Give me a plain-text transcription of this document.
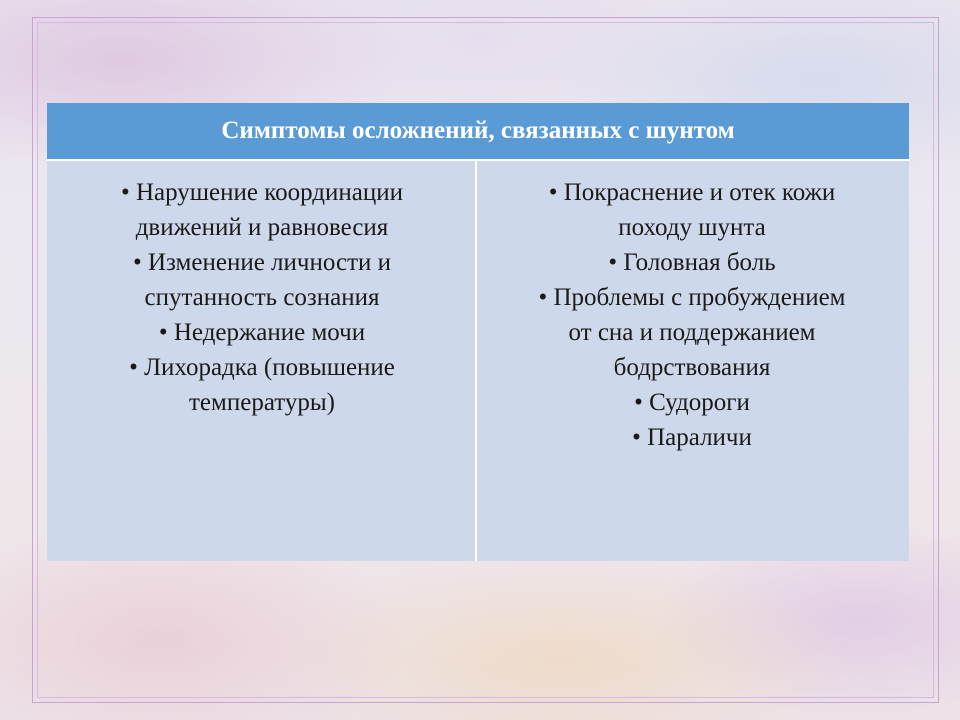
Симптомы осложнений, связанных с шунтом
• Нарушение координации
движений и равновесия
• Изменение личности и
спутанность сознания
• Недержание мочи
• Лихорадка (повышение
температуры)
• Покраснение и отек кожи
походу шунта
• Головная боль
• Проблемы с пробуждением
от сна и поддержанием
бодрствования
• Судороги
• Параличи
